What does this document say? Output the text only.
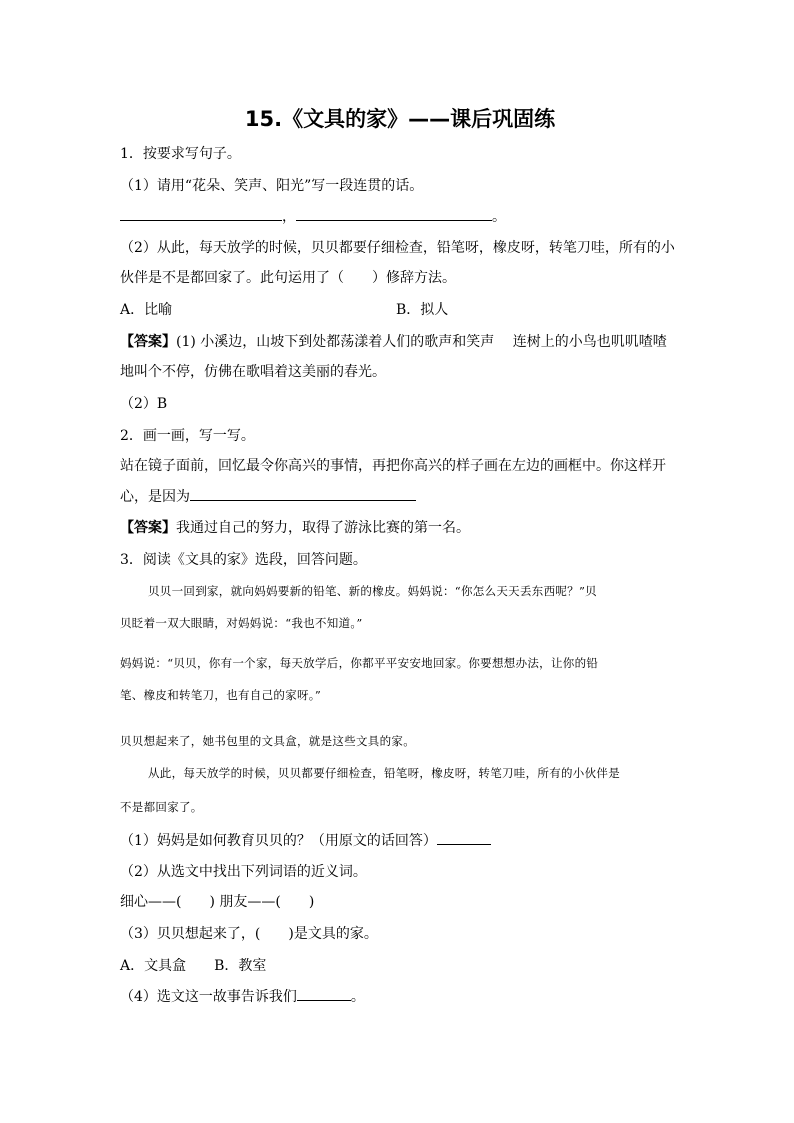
15.《文具的家》——课后巩固练
1．按要求写句子。
（1）请用“花朵、笑声、阳光”写一段连贯的话。
，	。
（2）从此，每天放学的时候，贝贝都要仔细检查，铅笔呀，橡皮呀，转笔刀哇，所有的小
伙伴是不是都回家了。此句运用了（　　）修辞方法。
A．比喻	B．拟人
【答案】(1) 小溪边，山坡下到处都荡漾着人们的歌声和笑声　 连树上的小鸟也叽叽喳喳
地叫个不停，仿佛在歌唱着这美丽的春光。
（2）B
2．画一画，写一写。
站在镜子面前，回忆最令你高兴的事情，再把你高兴的样子画在左边的画框中。你这样开
心，是因为
【答案】我通过自己的努力，取得了游泳比赛的第一名。
3．阅读《文具的家》选段，回答问题。
贝贝一回到家，就向妈妈要新的铅笔、新的橡皮。妈妈说：“你怎么天天丢东西呢？”贝
贝眨着一双大眼睛，对妈妈说：“我也不知道。”
妈妈说：“贝贝，你有一个家，每天放学后，你都平平安安地回家。你要想想办法，让你的铅
笔、橡皮和转笔刀，也有自己的家呀。”
贝贝想起来了，她书包里的文具盒，就是这些文具的家。
从此，每天放学的时候，贝贝都要仔细检查，铅笔呀，橡皮呀，转笔刀哇，所有的小伙伴是
不是都回家了。
（1）妈妈是如何教育贝贝的？（用原文的话回答）
（2）从选文中找出下列词语的近义词。
细心——(　　) 朋友——(　　)
（3）贝贝想起来了，(　　)是文具的家。
A．文具盒　　B．教室
（4）选文这一故事告诉我们	。
